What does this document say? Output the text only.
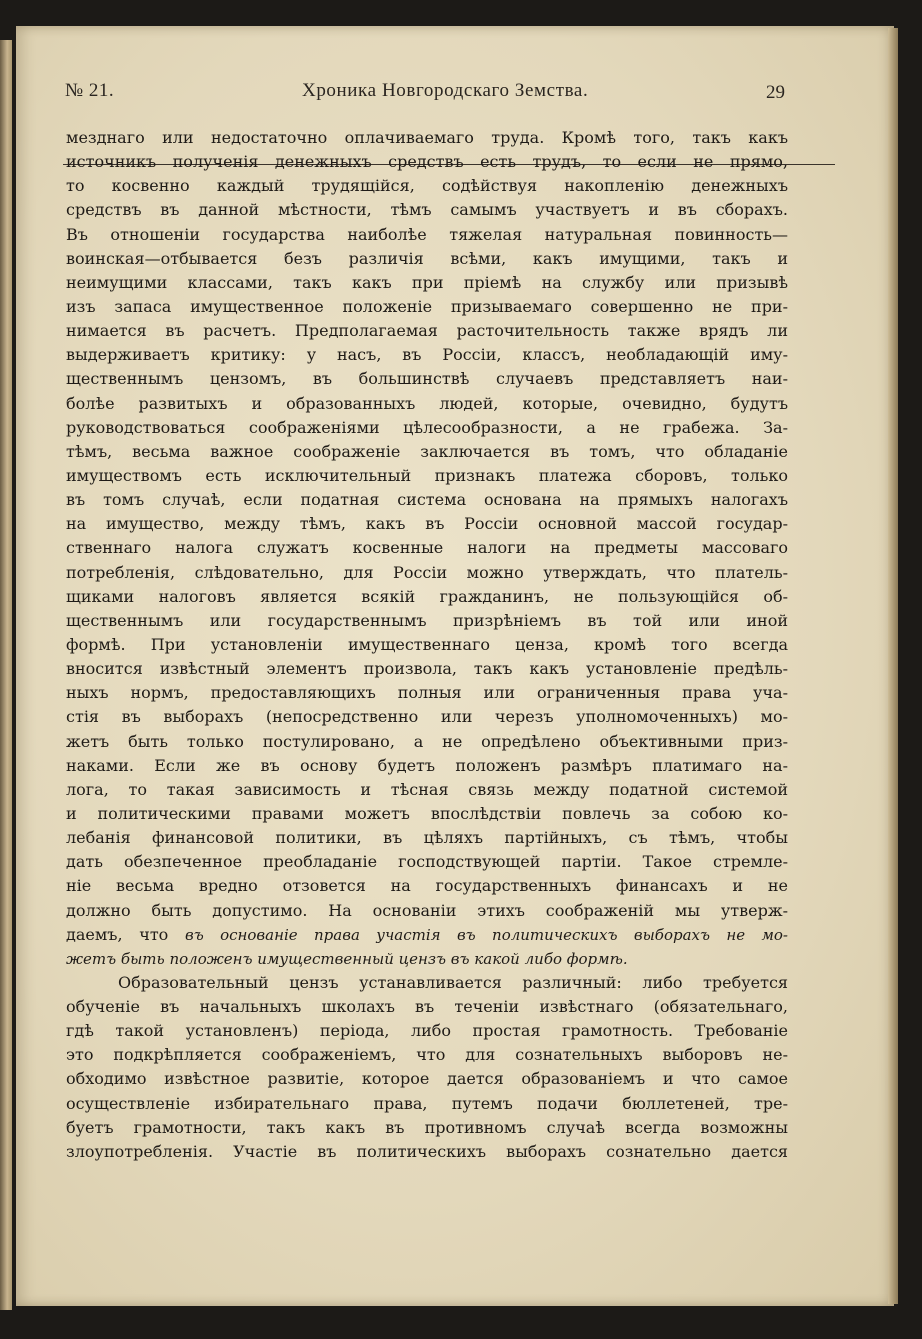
№ 21.	Хроника Новгородскаго Земства.	29
мезднаго или недостаточно оплачиваемаго труда. Кромѣ того, такъ какъ
источникъ полученія денежныхъ средствъ есть трудъ, то если не прямо,
то косвенно каждый трудящійся, содѣйствуя накопленію денежныхъ
средствъ въ данной мѣстности, тѣмъ самымъ участвуетъ и въ сборахъ.
Въ отношеніи государства наиболѣе тяжелая натуральная повинность—
воинская—отбывается безъ различія всѣми, какъ имущими, такъ и
неимущими классами, такъ какъ при пріемѣ на службу или призывѣ
изъ запаса имущественное положеніе призываемаго совершенно не при-
нимается въ расчетъ. Предполагаемая расточительность также врядъ ли
выдерживаетъ критику: у насъ, въ Россіи, классъ, необладающій иму-
щественнымъ цензомъ, въ большинствѣ случаевъ представляетъ наи-
болѣе развитыхъ и образованныхъ людей, которые, очевидно, будутъ
руководствоваться соображеніями цѣлесообразности, а не грабежа. За-
тѣмъ, весьма важное соображеніе заключается въ томъ, что обладаніе
имуществомъ есть исключительный признакъ платежа сборовъ, только
въ томъ случаѣ, если податная система основана на прямыхъ налогахъ
на имущество, между тѣмъ, какъ въ Россіи основной массой государ-
ственнаго налога служатъ косвенные налоги на предметы массоваго
потребленія, слѣдовательно, для Россіи можно утверждать, что платель-
щиками налоговъ является всякій гражданинъ, не пользующійся об-
щественнымъ или государственнымъ призрѣніемъ въ той или иной
формѣ. При установленіи имущественнаго ценза, кромѣ того всегда
вносится извѣстный элементъ произвола, такъ какъ установленіе предѣль-
ныхъ нормъ, предоставляющихъ полныя или ограниченныя права уча-
стія въ выборахъ (непосредственно или черезъ уполномоченныхъ) мо-
жетъ быть только постулировано, а не опредѣлено объективными приз-
наками. Если же въ основу будетъ положенъ размѣръ платимаго на-
лога, то такая зависимость и тѣсная связь между податной системой
и политическими правами можетъ впослѣдствіи повлечь за собою ко-
лебанія финансовой политики, въ цѣляхъ партійныхъ, съ тѣмъ, чтобы
дать обезпеченное преобладаніе господствующей партіи. Такое стремле-
ніе весьма вредно отзовется на государственныхъ финансахъ и не
должно быть допустимо. На основаніи этихъ соображеній мы утверж-
даемъ, что въ основаніе права участія въ политическихъ выборахъ не мо-
жетъ быть положенъ имущественный цензъ въ какой либо формѣ.
Образовательный цензъ устанавливается различный: либо требуется
обученіе въ начальныхъ школахъ въ теченіи извѣстнаго (обязательнаго,
гдѣ такой установленъ) періода, либо простая грамотность. Требованіе
это подкрѣпляется соображеніемъ, что для сознательныхъ выборовъ не-
обходимо извѣстное развитіе, которое дается образованіемъ и что самое
осуществленіе избирательнаго права, путемъ подачи бюллетеней, тре-
буетъ грамотности, такъ какъ въ противномъ случаѣ всегда возможны
злоупотребленія. Участіе въ политическихъ выборахъ сознательно дается
